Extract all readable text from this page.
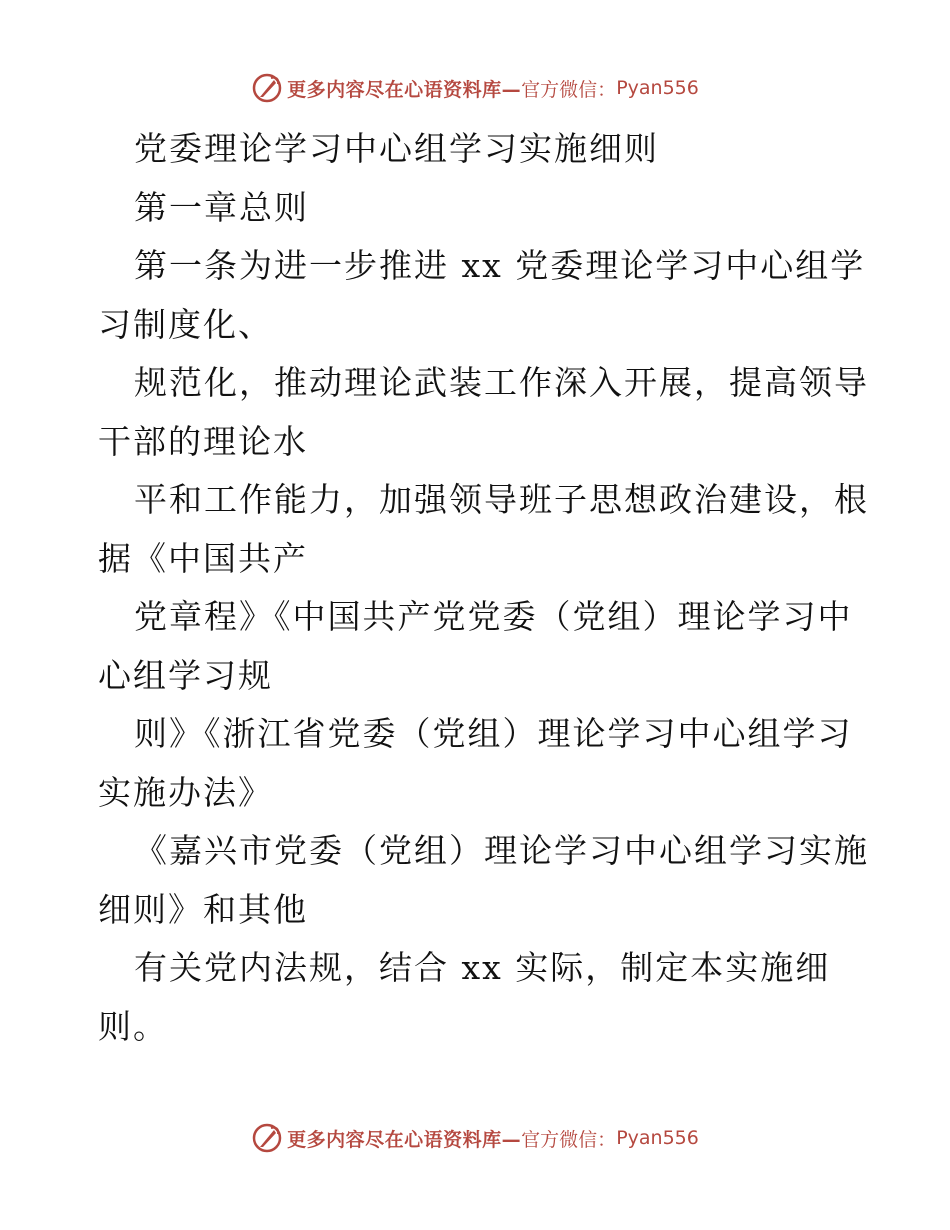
更多内容尽在心语资料库— 官方微信： Pyan556
党委理论学习中心组学习实施细则
第一章总则
第一条为进一步推进 xx 党委理论学习中心组学
习制度化、
规范化，推动理论武装工作深入开展，提高领导
干部的理论水
平和工作能力，加强领导班子思想政治建设，根
据《中国共产
党章程》《中国共产党党委（党组）理论学习中
心组学习规
则》《浙江省党委（党组）理论学习中心组学习
实施办法》
《嘉兴市党委（党组）理论学习中心组学习实施
细则》和其他
有关党内法规，结合 xx 实际，制定本实施细
则。
更多内容尽在心语资料库— 官方微信： Pyan556
